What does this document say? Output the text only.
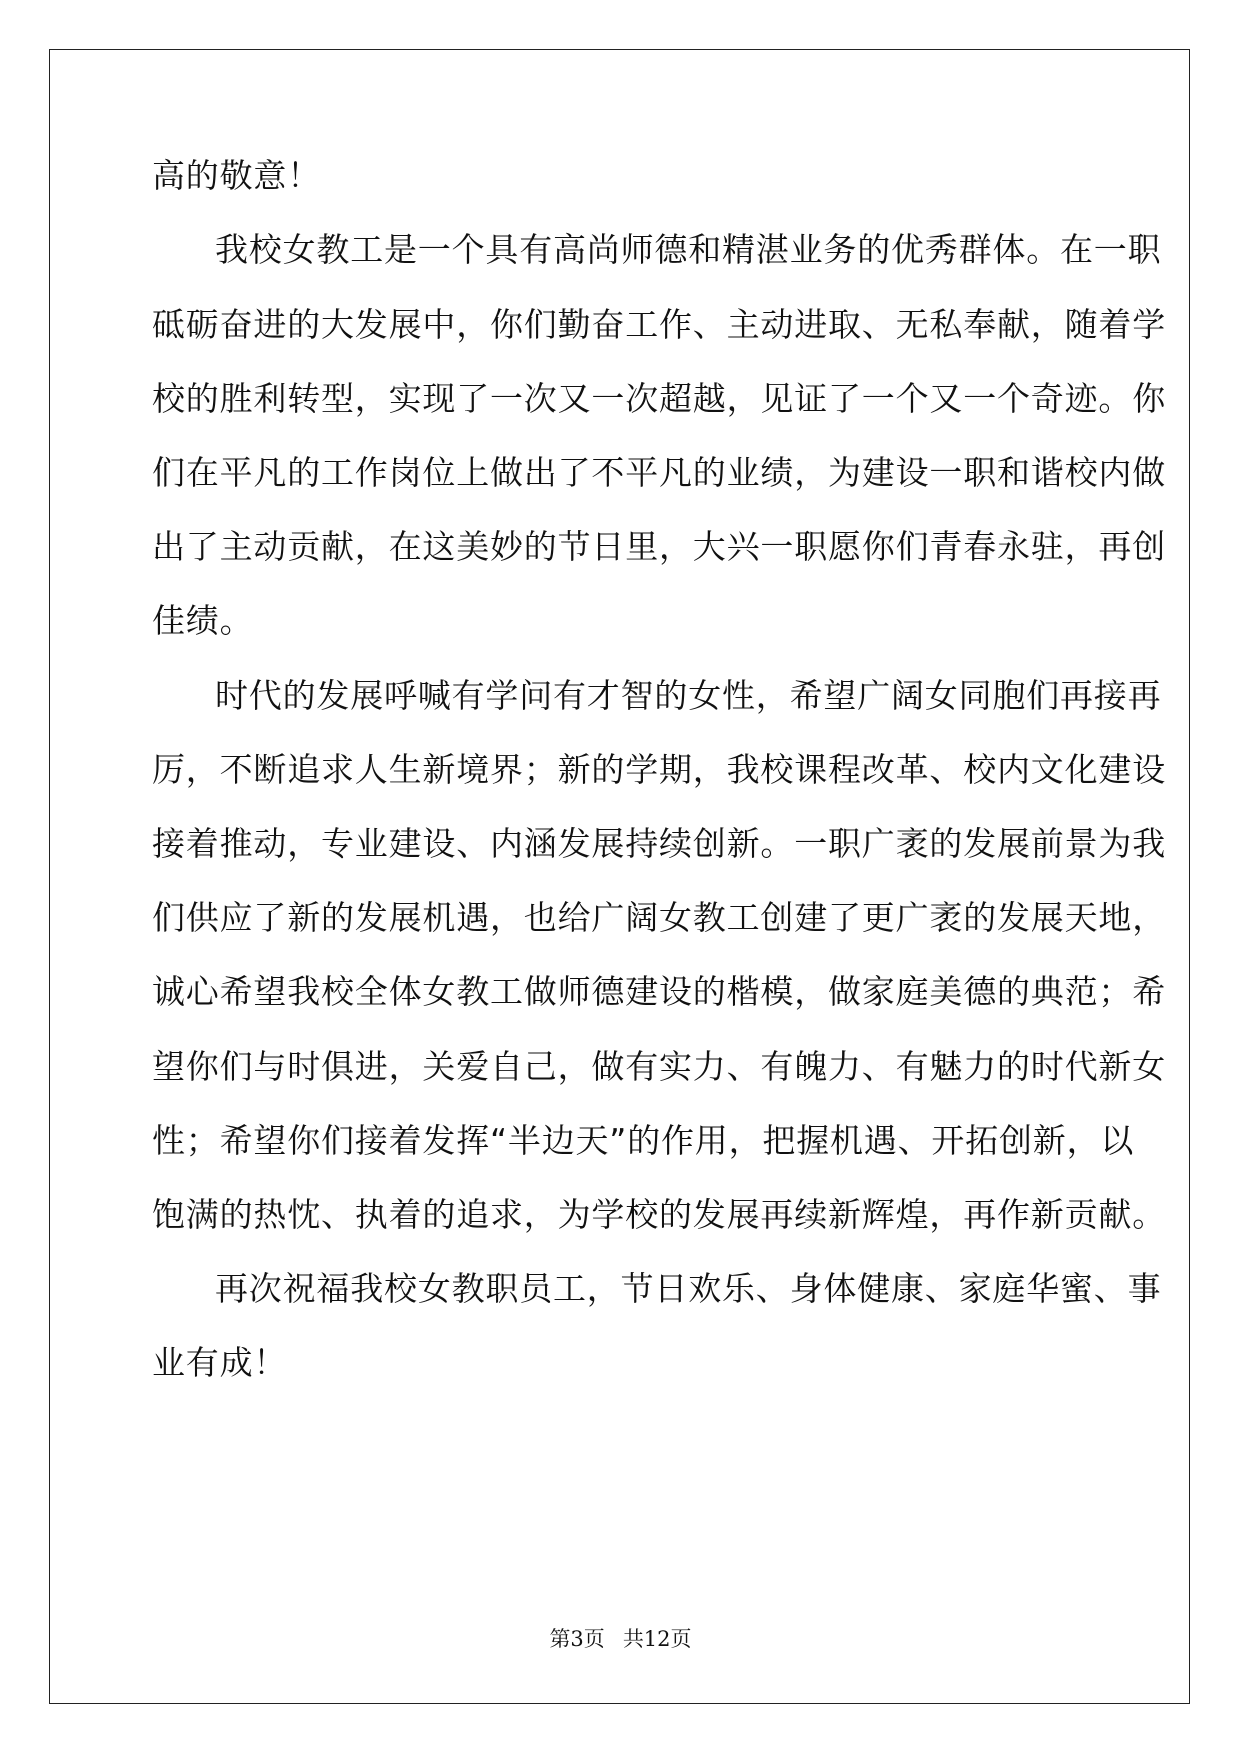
高的敬意！
我校女教工是一个具有高尚师德和精湛业务的优秀群体。在一职
砥砺奋进的大发展中，你们勤奋工作、主动进取、无私奉献，随着学
校的胜利转型，实现了一次又一次超越，见证了一个又一个奇迹。你
们在平凡的工作岗位上做出了不平凡的业绩，为建设一职和谐校内做
出了主动贡献，在这美妙的节日里，大兴一职愿你们青春永驻，再创
佳绩。
时代的发展呼喊有学问有才智的女性，希望广阔女同胞们再接再
厉，不断追求人生新境界；新的学期，我校课程改革、校内文化建设
接着推动，专业建设、内涵发展持续创新。一职广袤的发展前景为我
们供应了新的发展机遇，也给广阔女教工创建了更广袤的发展天地，
诚心希望我校全体女教工做师德建设的楷模，做家庭美德的典范；希
望你们与时俱进，关爱自己，做有实力、有魄力、有魅力的时代新女
性；希望你们接着发挥“半边天”的作用，把握机遇、开拓创新，以
饱满的热忱、执着的追求，为学校的发展再续新辉煌，再作新贡献。
再次祝福我校女教职员工，节日欢乐、身体健康、家庭华蜜、事
业有成！
第3页 共12页
